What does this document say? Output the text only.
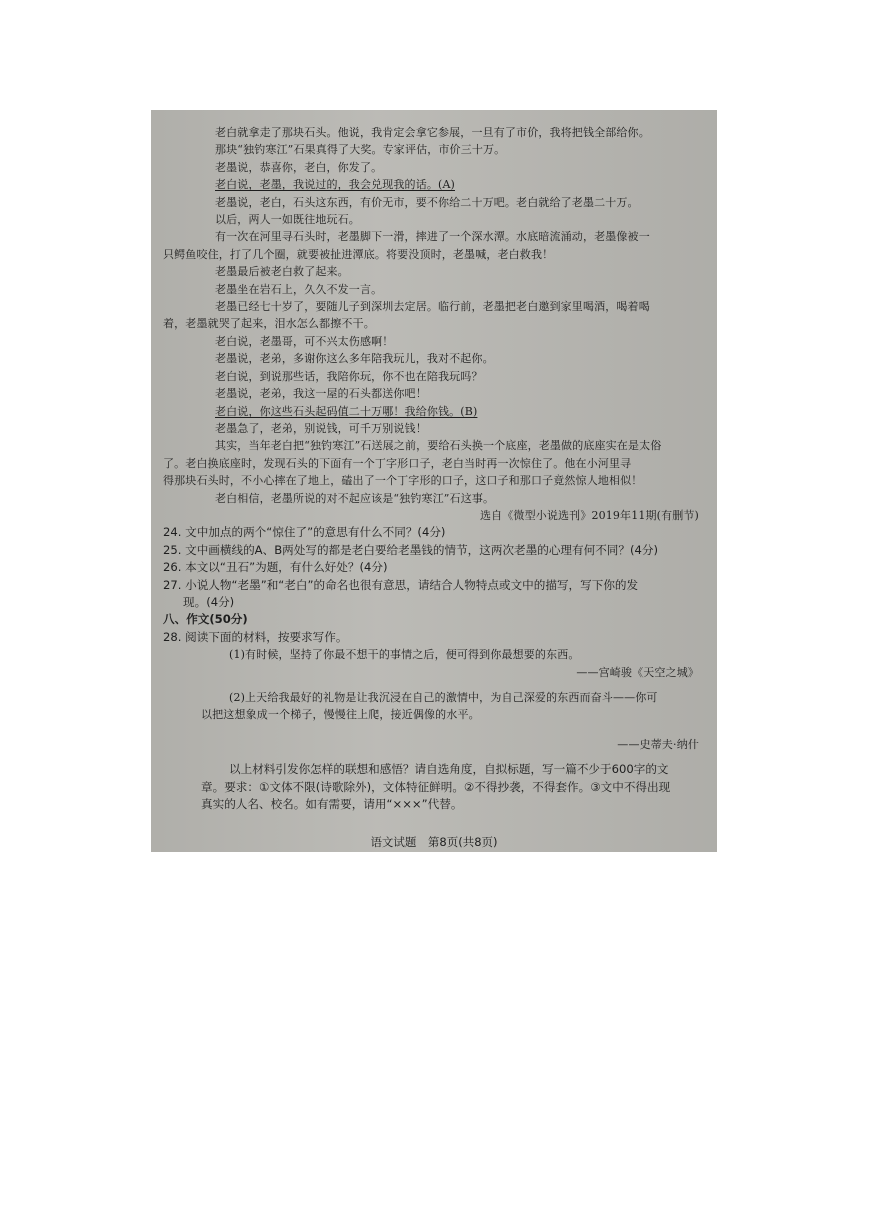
老白就拿走了那块石头。他说，我肯定会拿它参展，一旦有了市价，我将把钱全部给你。
那块“独钓寒江”石果真得了大奖。专家评估，市价三十万。
老墨说，恭喜你，老白，你发了。
老白说，老墨，我说过的，我会兑现我的话。(A)
老墨说，老白，石头这东西，有价无市，要不你给二十万吧。老白就给了老墨二十万。
以后，两人一如既往地玩石。
有一次在河里寻石头时，老墨脚下一滑，摔进了一个深水潭。水底暗流涌动，老墨像被一
只鳄鱼咬住，打了几个圈，就要被扯进潭底。将要没顶时，老墨喊，老白救我！
老墨最后被老白救了起来。
老墨坐在岩石上，久久不发一言。
老墨已经七十岁了，要随儿子到深圳去定居。临行前，老墨把老白邀到家里喝酒，喝着喝
着，老墨就哭了起来，泪水怎么都擦不干。
老白说，老墨哥，可不兴太伤感啊！
老墨说，老弟，多谢你这么多年陪我玩儿，我对不起你。
老白说，到说那些话，我陪你玩，你不也在陪我玩吗？
老墨说，老弟，我这一屋的石头都送你吧！
老白说，你这些石头起码值二十万哪！我给你钱。(B)
老墨急了，老弟，别说钱，可千万别说钱！
其实，当年老白把“独钓寒江”石送展之前，要给石头换一个底座，老墨做的底座实在是太俗
了。老白换底座时，发现石头的下面有一个丁字形口子，老白当时再一次惊住了。他在小河里寻
得那块石头时，不小心摔在了地上，磕出了一个丁字形的口子，这口子和那口子竟然惊人地相似！
老白相信，老墨所说的对不起应该是“独钓寒江”石这事。
选自《微型小说选刊》2019年11期(有删节)
24. 文中加点的两个“惊住了”的意思有什么不同？(4分)
25. 文中画横线的A、B两处写的都是老白要给老墨钱的情节，这两次老墨的心理有何不同？(4分)
26. 本文以“丑石”为题，有什么好处？(4分)
27. 小说人物“老墨”和“老白”的命名也很有意思，请结合人物特点或文中的描写，写下你的发
现。(4分)
八、作文(50分)
28. 阅读下面的材料，按要求写作。
(1)有时候，坚持了你最不想干的事情之后，便可得到你最想要的东西。
——宫崎骏《天空之城》
(2)上天给我最好的礼物是让我沉浸在自己的激情中，为自己深爱的东西而奋斗——你可
以把这想象成一个梯子，慢慢往上爬，接近偶像的水平。
——史蒂夫·纳什
以上材料引发你怎样的联想和感悟？请自选角度，自拟标题，写一篇不少于600字的文
章。要求：①文体不限(诗歌除外)，文体特征鲜明。②不得抄袭，不得套作。③文中不得出现
真实的人名、校名。如有需要，请用“×××”代替。
语文试题　第8页(共8页)
